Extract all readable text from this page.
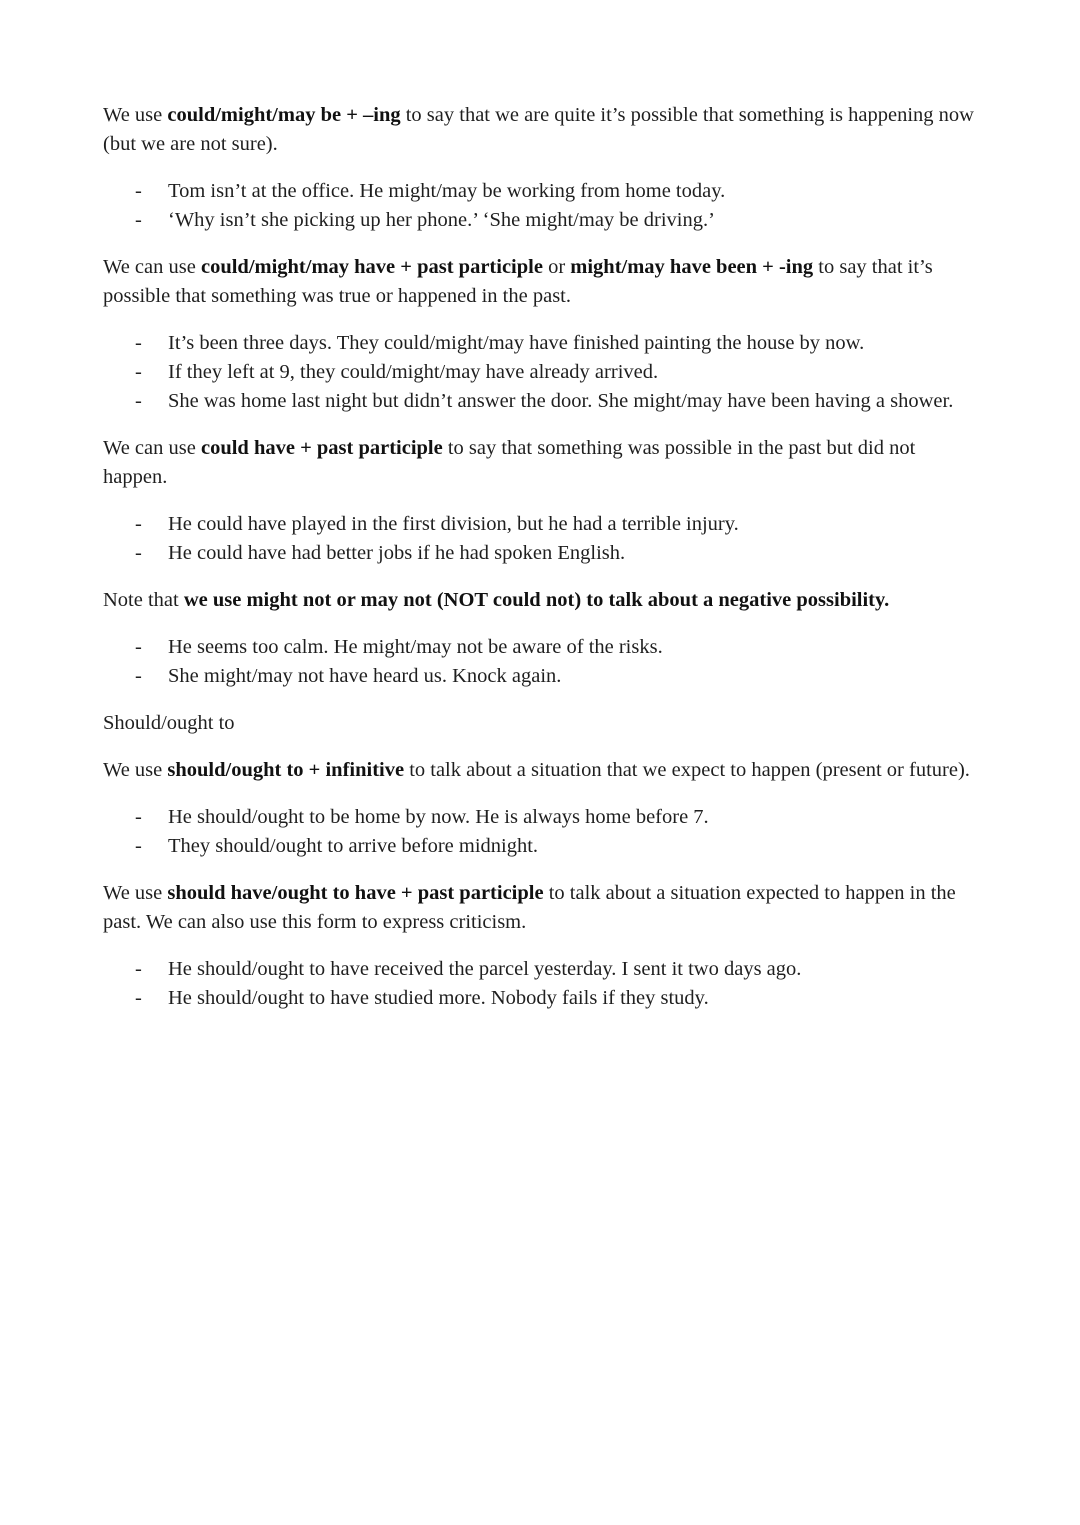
We use could/might/may be + –ing to say that we are quite it’s possible that something is happening now (but we are not sure).

- Tom isn’t at the office. He might/may be working from home today.
- ‘Why isn’t she picking up her phone.’ ‘She might/may be driving.’

We can use could/might/may have + past participle or might/may have been + -ing to say that it’s possible that something was true or happened in the past.

- It’s been three days. They could/might/may have finished painting the house by now.
- If they left at 9, they could/might/may have already arrived.
- She was home last night but didn’t answer the door. She might/may have been having a shower.

We can use could have + past participle to say that something was possible in the past but did not happen.

- He could have played in the first division, but he had a terrible injury.
- He could have had better jobs if he had spoken English.

Note that we use might not or may not (NOT could not) to talk about a negative possibility.

- He seems too calm. He might/may not be aware of the risks.
- She might/may not have heard us. Knock again.

Should/ought to

We use should/ought to + infinitive to talk about a situation that we expect to happen (present or future).

- He should/ought to be home by now. He is always home before 7.
- They should/ought to arrive before midnight.

We use should have/ought to have + past participle to talk about a situation expected to happen in the past. We can also use this form to express criticism.

- He should/ought to have received the parcel yesterday. I sent it two days ago.
- He should/ought to have studied more. Nobody fails if they study.
